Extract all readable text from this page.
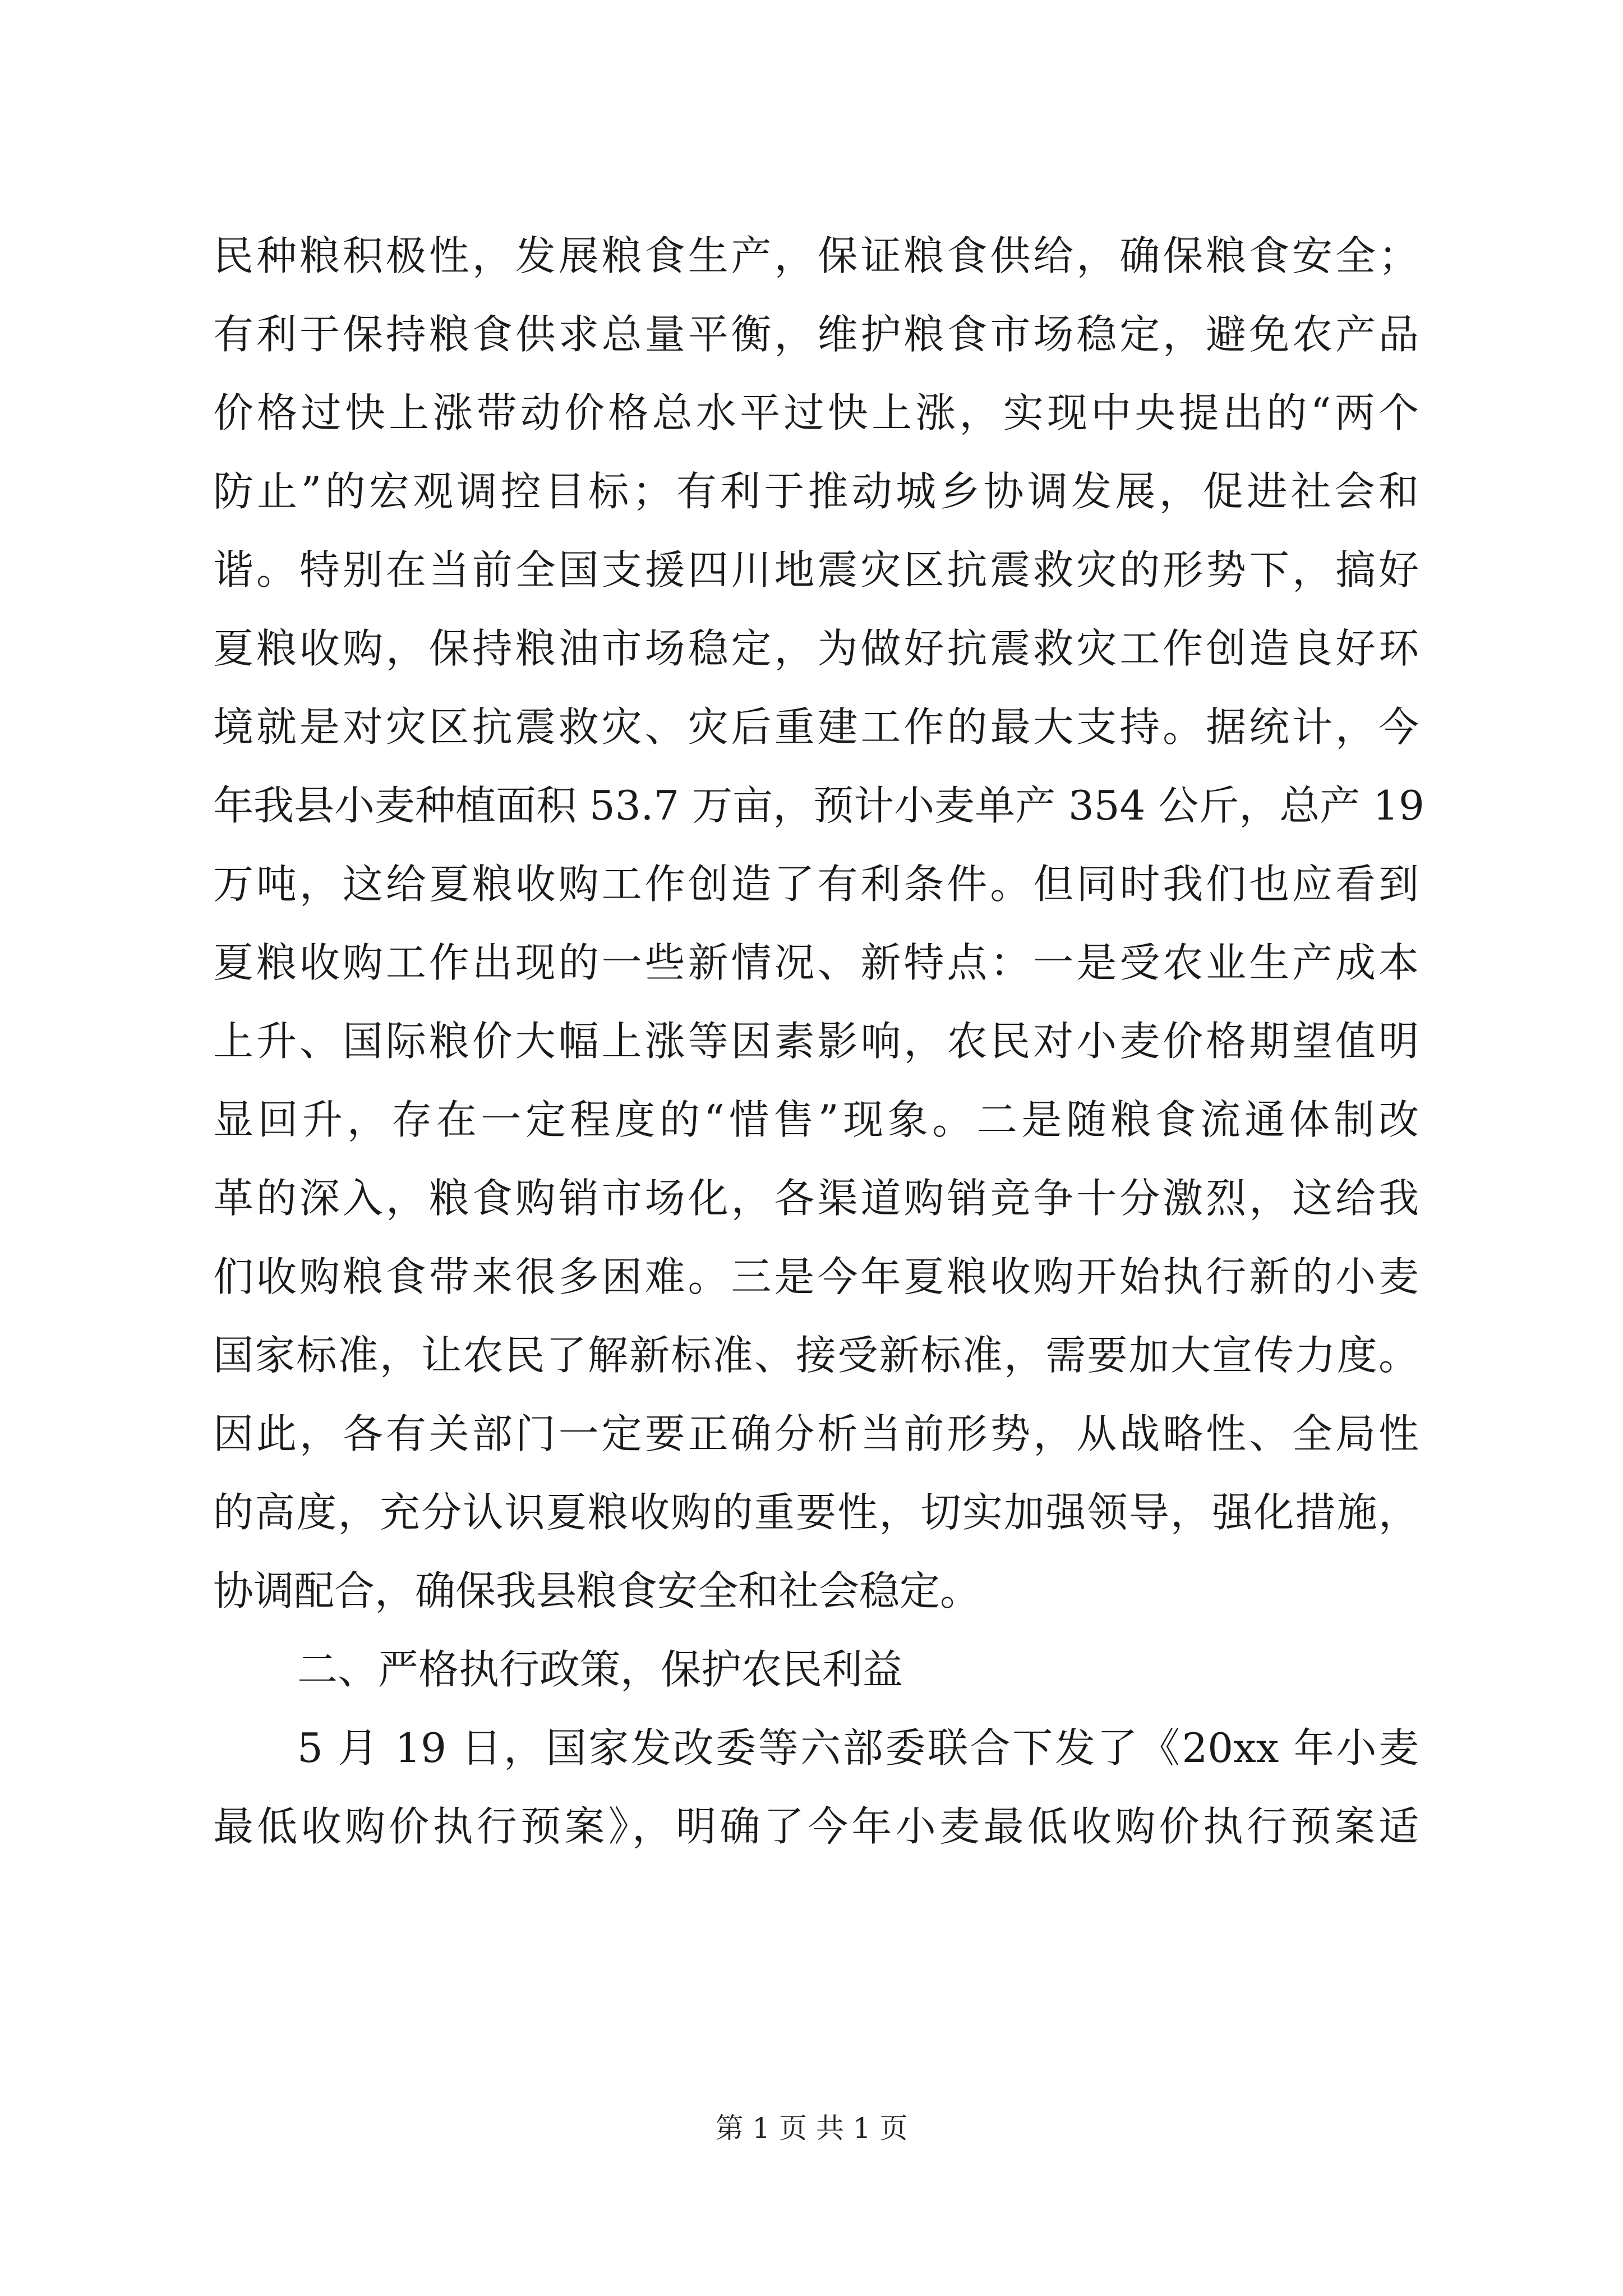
民种粮积极性，发展粮食生产，保证粮食供给，确保粮食安全；
有利于保持粮食供求总量平衡，维护粮食市场稳定，避免农产品
价格过快上涨带动价格总水平过快上涨，实现中央提出的“两个
防止”的宏观调控目标；有利于推动城乡协调发展，促进社会和
谐。特别在当前全国支援四川地震灾区抗震救灾的形势下，搞好
夏粮收购，保持粮油市场稳定，为做好抗震救灾工作创造良好环
境就是对灾区抗震救灾、灾后重建工作的最大支持。据统计，今
年我县小麦种植面积 53.7 万亩，预计小麦单产 354 公斤，总产 19
万吨，这给夏粮收购工作创造了有利条件。但同时我们也应看到
夏粮收购工作出现的一些新情况、新特点：一是受农业生产成本
上升、国际粮价大幅上涨等因素影响，农民对小麦价格期望值明
显回升，存在一定程度的“惜售”现象。二是随粮食流通体制改
革的深入，粮食购销市场化，各渠道购销竞争十分激烈，这给我
们收购粮食带来很多困难。三是今年夏粮收购开始执行新的小麦
国家标准，让农民了解新标准、接受新标准，需要加大宣传力度。
因此，各有关部门一定要正确分析当前形势，从战略性、全局性
的高度，充分认识夏粮收购的重要性，切实加强领导，强化措施，
协调配合，确保我县粮食安全和社会稳定。
二、严格执行政策，保护农民利益
5 月 19 日，国家发改委等六部委联合下发了《20xx 年小麦
最低收购价执行预案》，明确了今年小麦最低收购价执行预案适
第 1 页 共 1 页
